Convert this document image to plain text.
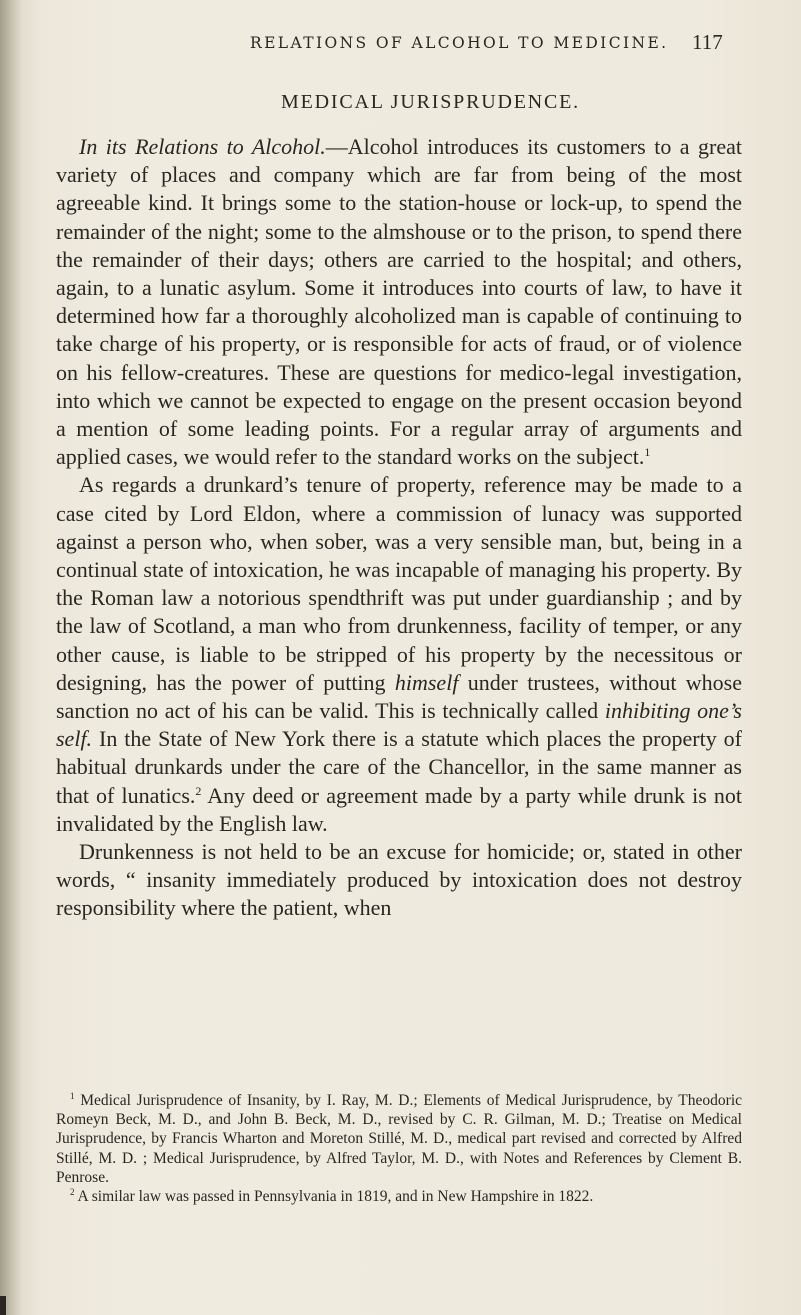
RELATIONS OF ALCOHOL TO MEDICINE.	117
MEDICAL JURISPRUDENCE.

In its Relations to Alcohol.—Alcohol introduces its customers to a great variety of places and company which are far from being of the most agreeable kind. It brings some to the station-house or lock-up, to spend the remainder of the night; some to the almshouse or to the prison, to spend there the remainder of their days; others are carried to the hospital; and others, again, to a lunatic asylum. Some it introduces into courts of law, to have it determined how far a thoroughly alcoholized man is capable of continuing to take charge of his property, or is responsible for acts of fraud, or of violence on his fellow-creatures. These are questions for medico-legal investigation, into which we cannot be expected to engage on the present occasion beyond a mention of some leading points. For a regular array of arguments and applied cases, we would refer to the standard works on the subject.$^1$

As regards a drunkard’s tenure of property, reference may be made to a case cited by Lord Eldon, where a commission of lunacy was supported against a person who, when sober, was a very sensible man, but, being in a continual state of intoxication, he was incapable of managing his property. By the Roman law a notorious spendthrift was put under guardianship ; and by the law of Scotland, a man who from drunkenness, facility of temper, or any other cause, is liable to be stripped of his property by the necessitous or designing, has the power of putting himself under trustees, without whose sanction no act of his can be valid. This is technically called inhibiting one’s self. In the State of New York there is a statute which places the property of habitual drunkards under the care of the Chancellor, in the same manner as that of lunatics.$^2$ Any deed or agreement made by a party while drunk is not invalidated by the English law.

Drunkenness is not held to be an excuse for homicide; or, stated in other words, “ insanity immediately produced by intoxication does not destroy responsibility where the patient, when

$^1$ Medical Jurisprudence of Insanity, by I. Ray, M. D.; Elements of Medical Jurisprudence, by Theodoric Romeyn Beck, M. D., and John B. Beck, M. D., revised by C. R. Gilman, M. D.; Treatise on Medical Jurisprudence, by Francis Wharton and Moreton Stillé, M. D., medical part revised and corrected by Alfred Stillé, M. D. ; Medical Jurisprudence, by Alfred Taylor, M. D., with Notes and References by Clement B. Penrose.

$^2$ A similar law was passed in Pennsylvania in 1819, and in New Hampshire in 1822.
